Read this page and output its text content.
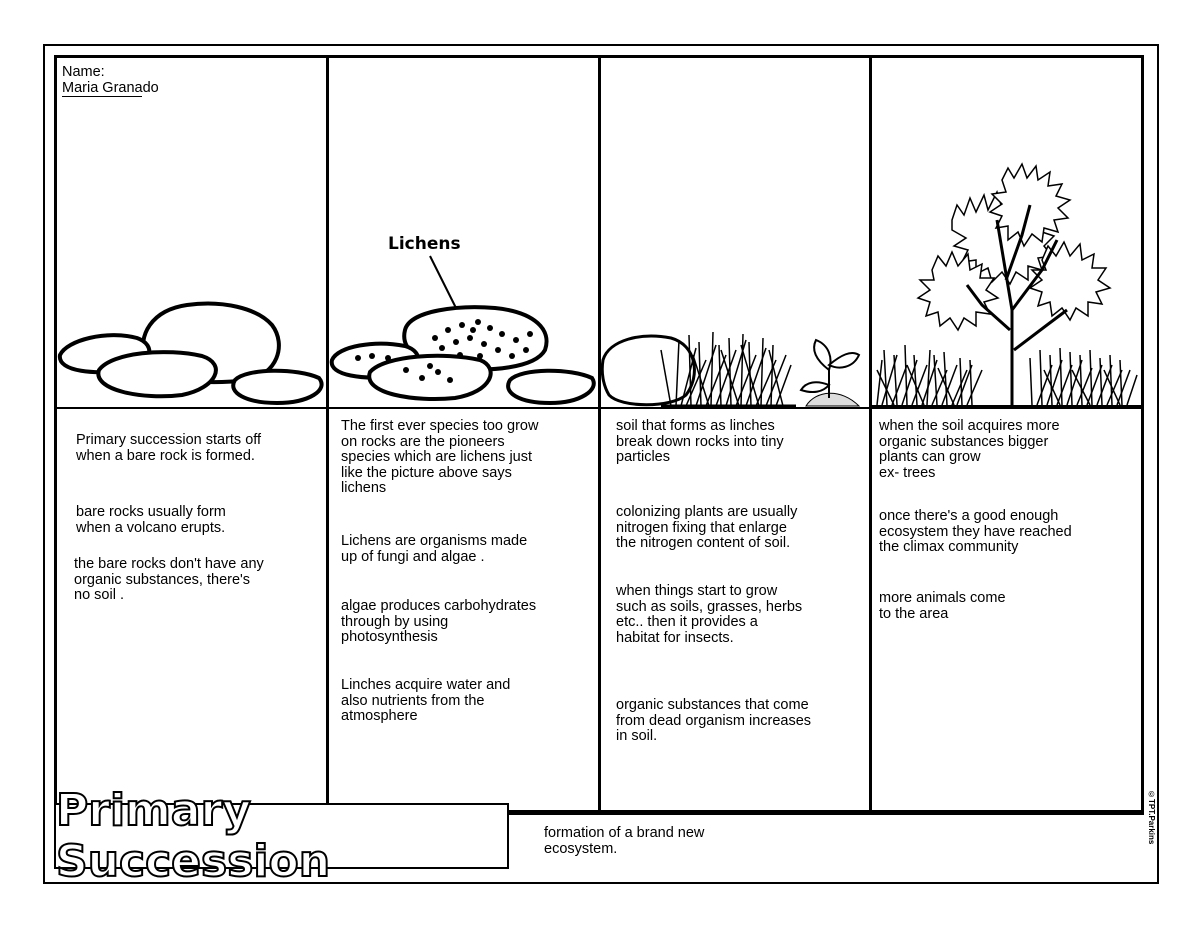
Name:
Maria Granado
Lichens
Primary succession starts off
when a bare rock is formed.
bare rocks usually form
when a volcano erupts.
the bare rocks don't have any
organic substances, there's
no soil .
The first ever species too grow
on rocks are the pioneers
species which are lichens just
like the picture above says
lichens
Lichens are organisms made
up of fungi and algae .
algae produces carbohydrates
through by using
photosynthesis
Linches acquire water and
also nutrients from the
atmosphere
soil that forms as linches
break down rocks into tiny
particles
colonizing plants are usually
nitrogen fixing that enlarge
the nitrogen content of soil.
when things start to grow
such as soils, grasses, herbs
etc.. then it provides a
habitat for insects.
organic substances that come
from dead organism increases
in soil.
when the soil acquires more
organic substances bigger
plants can grow
ex- trees
once there's a good enough
ecosystem they have reached
the climax community
more animals come
to the area
Primary Succession
formation of a brand new
ecosystem.
©TPT.Parkins
